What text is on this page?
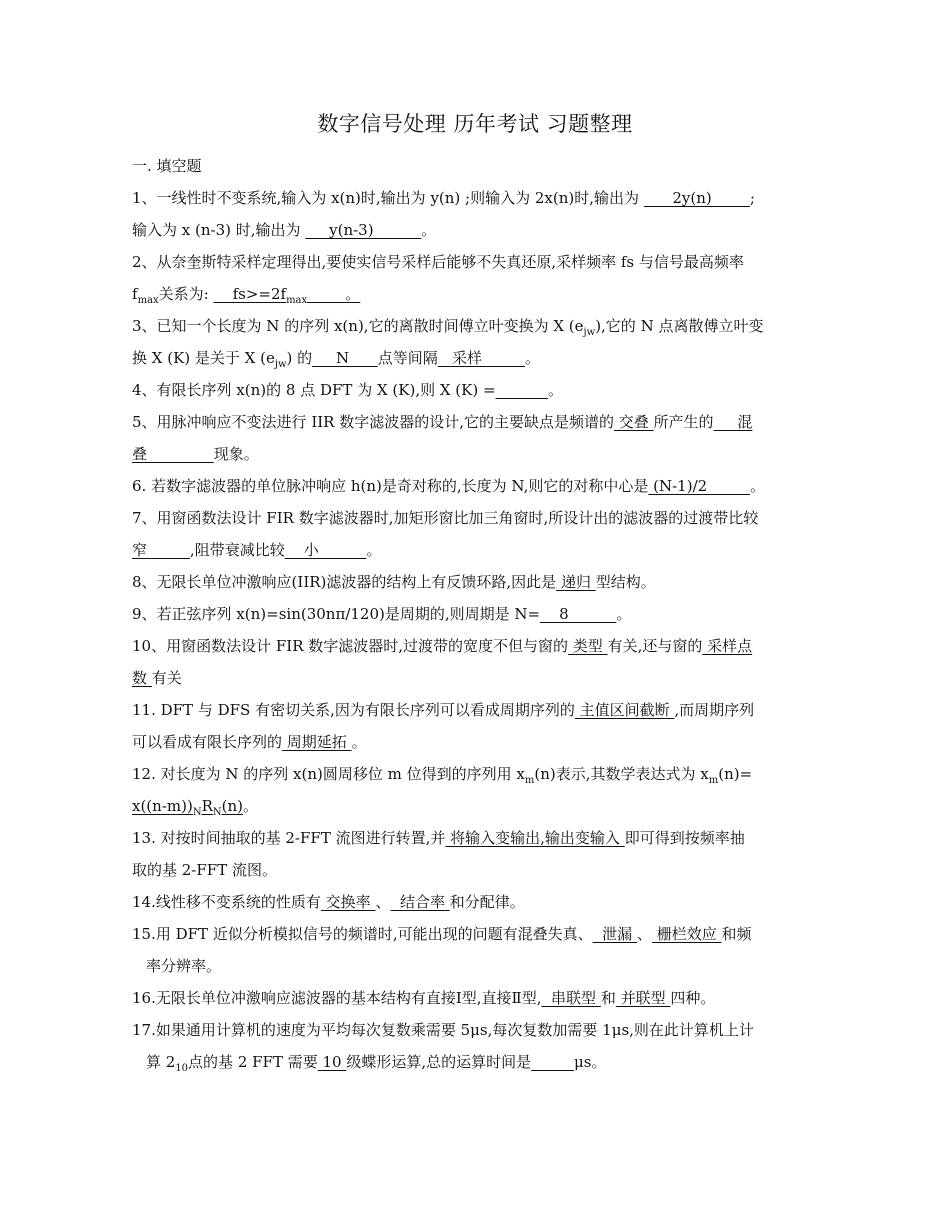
数字信号处理 历年考试 习题整理
一. 填空题
1、一线性时不变系统,输入为 x(n)时,输出为 y(n) ;则输入为 2x(n)时,输出为       2y(n)        ;
输入为 x (n-3) 时,输出为      y(n-3)          。
2、从奈奎斯特采样定理得出,要使实信号采样后能够不失真还原,采样频率 fs 与信号最高频率
$f_{max}$关系为:     $fs>=2f_{max}$        。
3、已知一个长度为 N 的序列 x(n),它的离散时间傅立叶变换为 X $(e_{jw})$,它的 N 点离散傅立叶变
换 X (K) 是关于 X $(e_{jw})$ 的     N      点等间隔   采样         。
4、有限长序列 x(n)的 8 点 DFT 为 X (K),则 X (K) =	。
5、用脉冲响应不变法进行 IIR 数字滤波器的设计,它的主要缺点是频谱的 交叠 所产生的     混
叠              现象。
6. 若数字滤波器的单位脉冲响应 h(n)是奇对称的,长度为 N,则它的对称中心是 (N-1)/2         。
7、用窗函数法设计 FIR 数字滤波器时,加矩形窗比加三角窗时,所设计出的滤波器的过渡带比较
窄         ,阻带衰减比较    小          。
8、无限长单位冲激响应(IIR)滤波器的结构上有反馈环路,因此是 递归 型结构。
9、若正弦序列 x(n)=sin(30nπ/120)是周期的,则周期是 N=    8          。
10、用窗函数法设计 FIR 数字滤波器时,过渡带的宽度不但与窗的 类型 有关,还与窗的 采样点
数 有关
11. DFT 与 DFS 有密切关系,因为有限长序列可以看成周期序列的 主值区间截断 ,而周期序列
可以看成有限长序列的 周期延拓 。
12. 对长度为 N 的序列 x(n)圆周移位 m 位得到的序列用 $x_m(n)$表示,其数学表达式为 $x_m(n)=$
$x((n-m))_NR_N(n)$。
13. 对按时间抽取的基 2-FFT 流图进行转置,并 将输入变输出,输出变输入 即可得到按频率抽
取的基 2-FFT 流图。
14.线性移不变系统的性质有 交换率 、  结合率 和分配律。
15.用 DFT 近似分析模拟信号的频谱时,可能出现的问题有混叠失真、  泄漏 、 栅栏效应 和频
率分辨率。
16.无限长单位冲激响应滤波器的基本结构有直接Ⅰ型,直接Ⅱ型,  串联型 和 并联型 四种。
17.如果通用计算机的速度为平均每次复数乘需要 5μs,每次复数加需要 1μs,则在此计算机上计
算 $2_{10}$点的基 2 FFT 需要 10 级蝶形运算,总的运算时间是	μs。
